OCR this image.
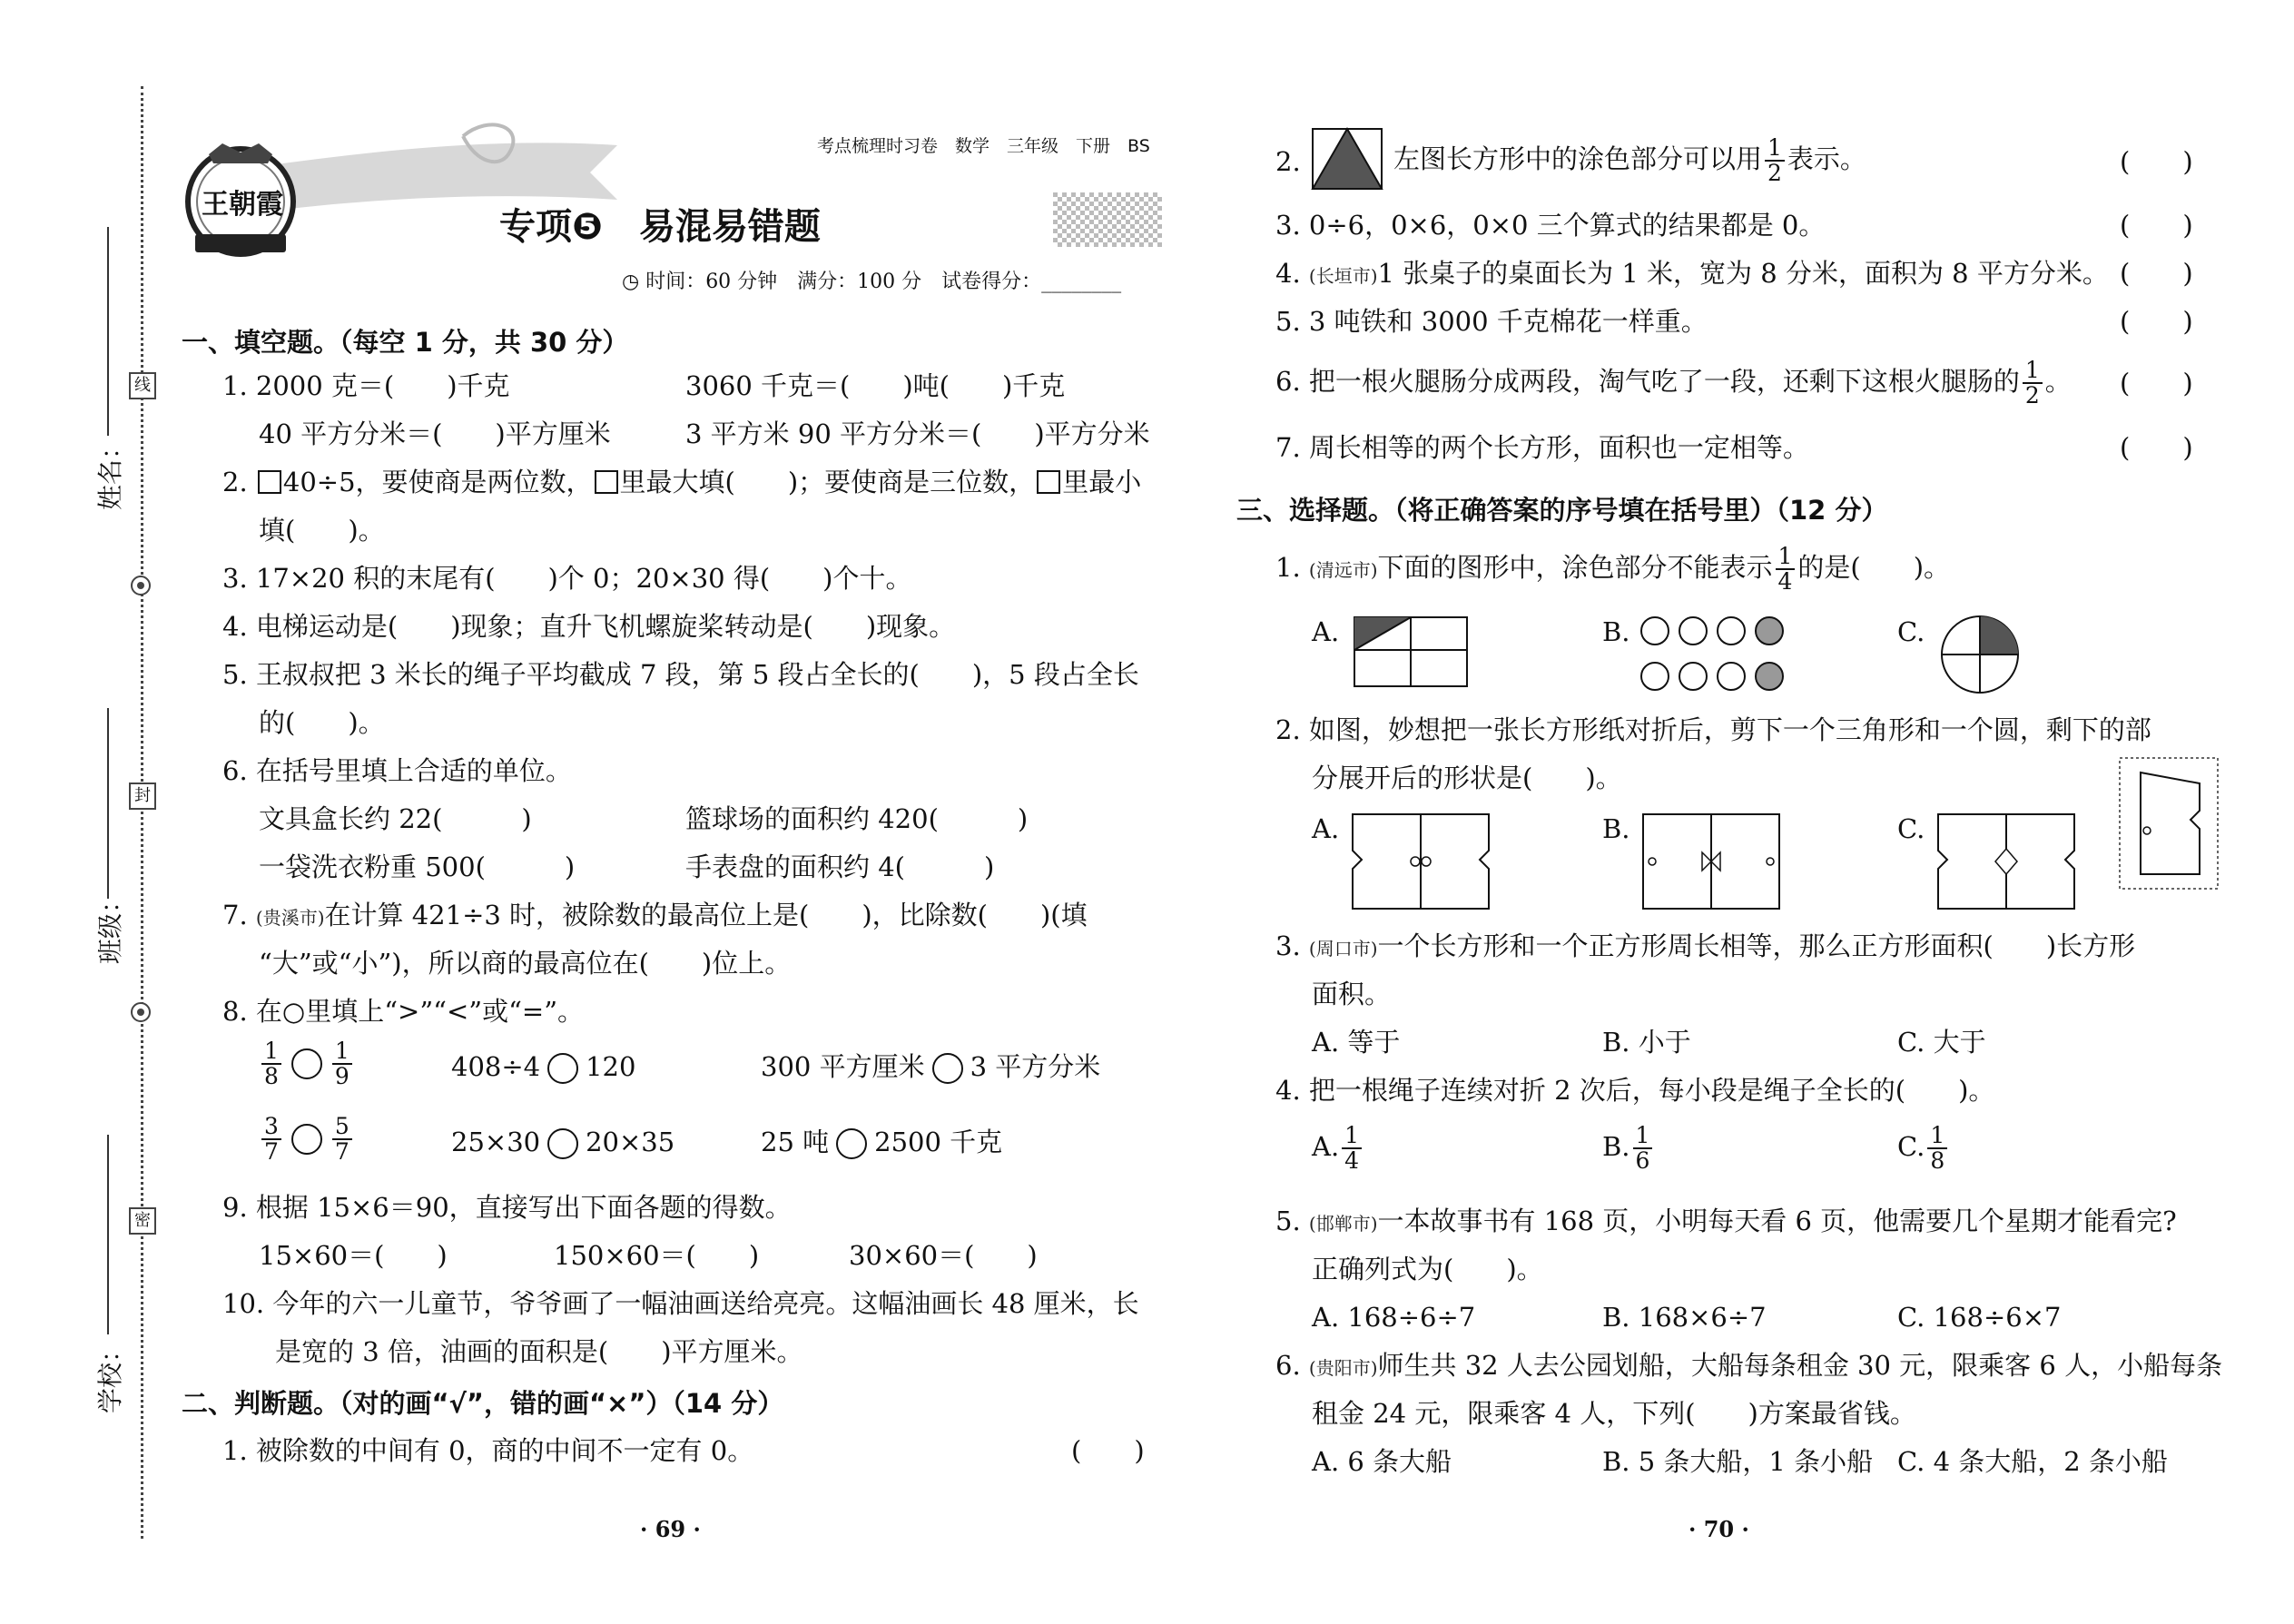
线
封
密
姓名：
班级：
学校：
王朝霞
考点梳理时习卷　数学　三年级　下册　BS
专项❺　易混易错题
◷ 时间：60 分钟　满分：100 分　试卷得分：________
一、填空题。（每空 1 分，共 30 分）
1. 2000 克＝(　　)千克	3060 千克＝(　　)吨(　　)千克
40 平方分米＝(　　)平方厘米	3 平方米 90 平方分米＝(　　)平方分米
2. 40÷5，要使商是两位数， 里最大填(　　)；要使商是三位数， 里最小
填(　　)。
3. 17×20 积的末尾有(　　)个 0；20×30 得(　　)个十。
4. 电梯运动是(　　)现象；直升飞机螺旋桨转动是(　　)现象。
5. 王叔叔把 3 米长的绳子平均截成 7 段，第 5 段占全长的(　　)，5 段占全长
的(　　)。
6. 在括号里填上合适的单位。
文具盒长约 22(　　　)	篮球场的面积约 420(　　　)
一袋洗衣粉重 500(　　　)	手表盘的面积约 4(　　　)
7. (贵溪市)在计算 421÷3 时，被除数的最高位上是(　　)，比除数(　　)(填
“大”或“小”)，所以商的最高位在(　　)位上。
8. 在○里填上“>”“<”或“=”。
$\frac{1}{8} \frac{1}{9}$	408÷4 120	300 平方厘米 3 平方分米
$\frac{3}{7} \frac{5}{7}$	25×30 20×35	25 吨 2500 千克
9. 根据 15×6＝90，直接写出下面各题的得数。
15×60＝(　　)	150×60＝(　　)	30×60＝(　　)
10. 今年的六一儿童节，爷爷画了一幅油画送给亮亮。这幅油画长 48 厘米，长
是宽的 3 倍，油画的面积是(　　)平方厘米。
二、判断题。（对的画“√”，错的画“×”）（14 分）
1. 被除数的中间有 0，商的中间不一定有 0。	(　　)
· 69 ·
2.	左图长方形中的涂色部分可以用 $\frac{1}{2}$ 表示。	(　　)
3. 0÷6，0×6，0×0 三个算式的结果都是 0。	(　　)
4. (长垣市)1 张桌子的桌面长为 1 米，宽为 8 分米，面积为 8 平方分米。 (　　)
5. 3 吨铁和 3000 千克棉花一样重。	(　　)
6. 把一根火腿肠分成两段，淘气吃了一段，还剩下这根火腿肠的 $\frac{1}{2}$ 。 (　　)
7. 周长相等的两个长方形，面积也一定相等。	(　　)
三、选择题。（将正确答案的序号填在括号里）（12 分）
1. (清远市)下面的图形中，涂色部分不能表示 $\frac{1}{4}$ 的是(　　)。
A.	B.	C.
2. 如图，妙想把一张长方形纸对折后，剪下一个三角形和一个圆，剩下的部
分展开后的形状是(　　)。
A.	B.	C.
3. (周口市)一个长方形和一个正方形周长相等，那么正方形面积(　　)长方形
面积。
A. 等于	B. 小于	C. 大于
4. 把一根绳子连续对折 2 次后，每小段是绳子全长的(　　)。
A. $\frac{1}{4}$	B. $\frac{1}{6}$	C. $\frac{1}{8}$
5. (邯郸市)一本故事书有 168 页，小明每天看 6 页，他需要几个星期才能看完?
正确列式为(　　)。
A. 168÷6÷7	B. 168×6÷7	C. 168÷6×7
6. (贵阳市)师生共 32 人去公园划船，大船每条租金 30 元，限乘客 6 人，小船每条
租金 24 元，限乘客 4 人，下列(　　)方案最省钱。
A. 6 条大船	B. 5 条大船，1 条小船 C. 4 条大船，2 条小船
· 70 ·
